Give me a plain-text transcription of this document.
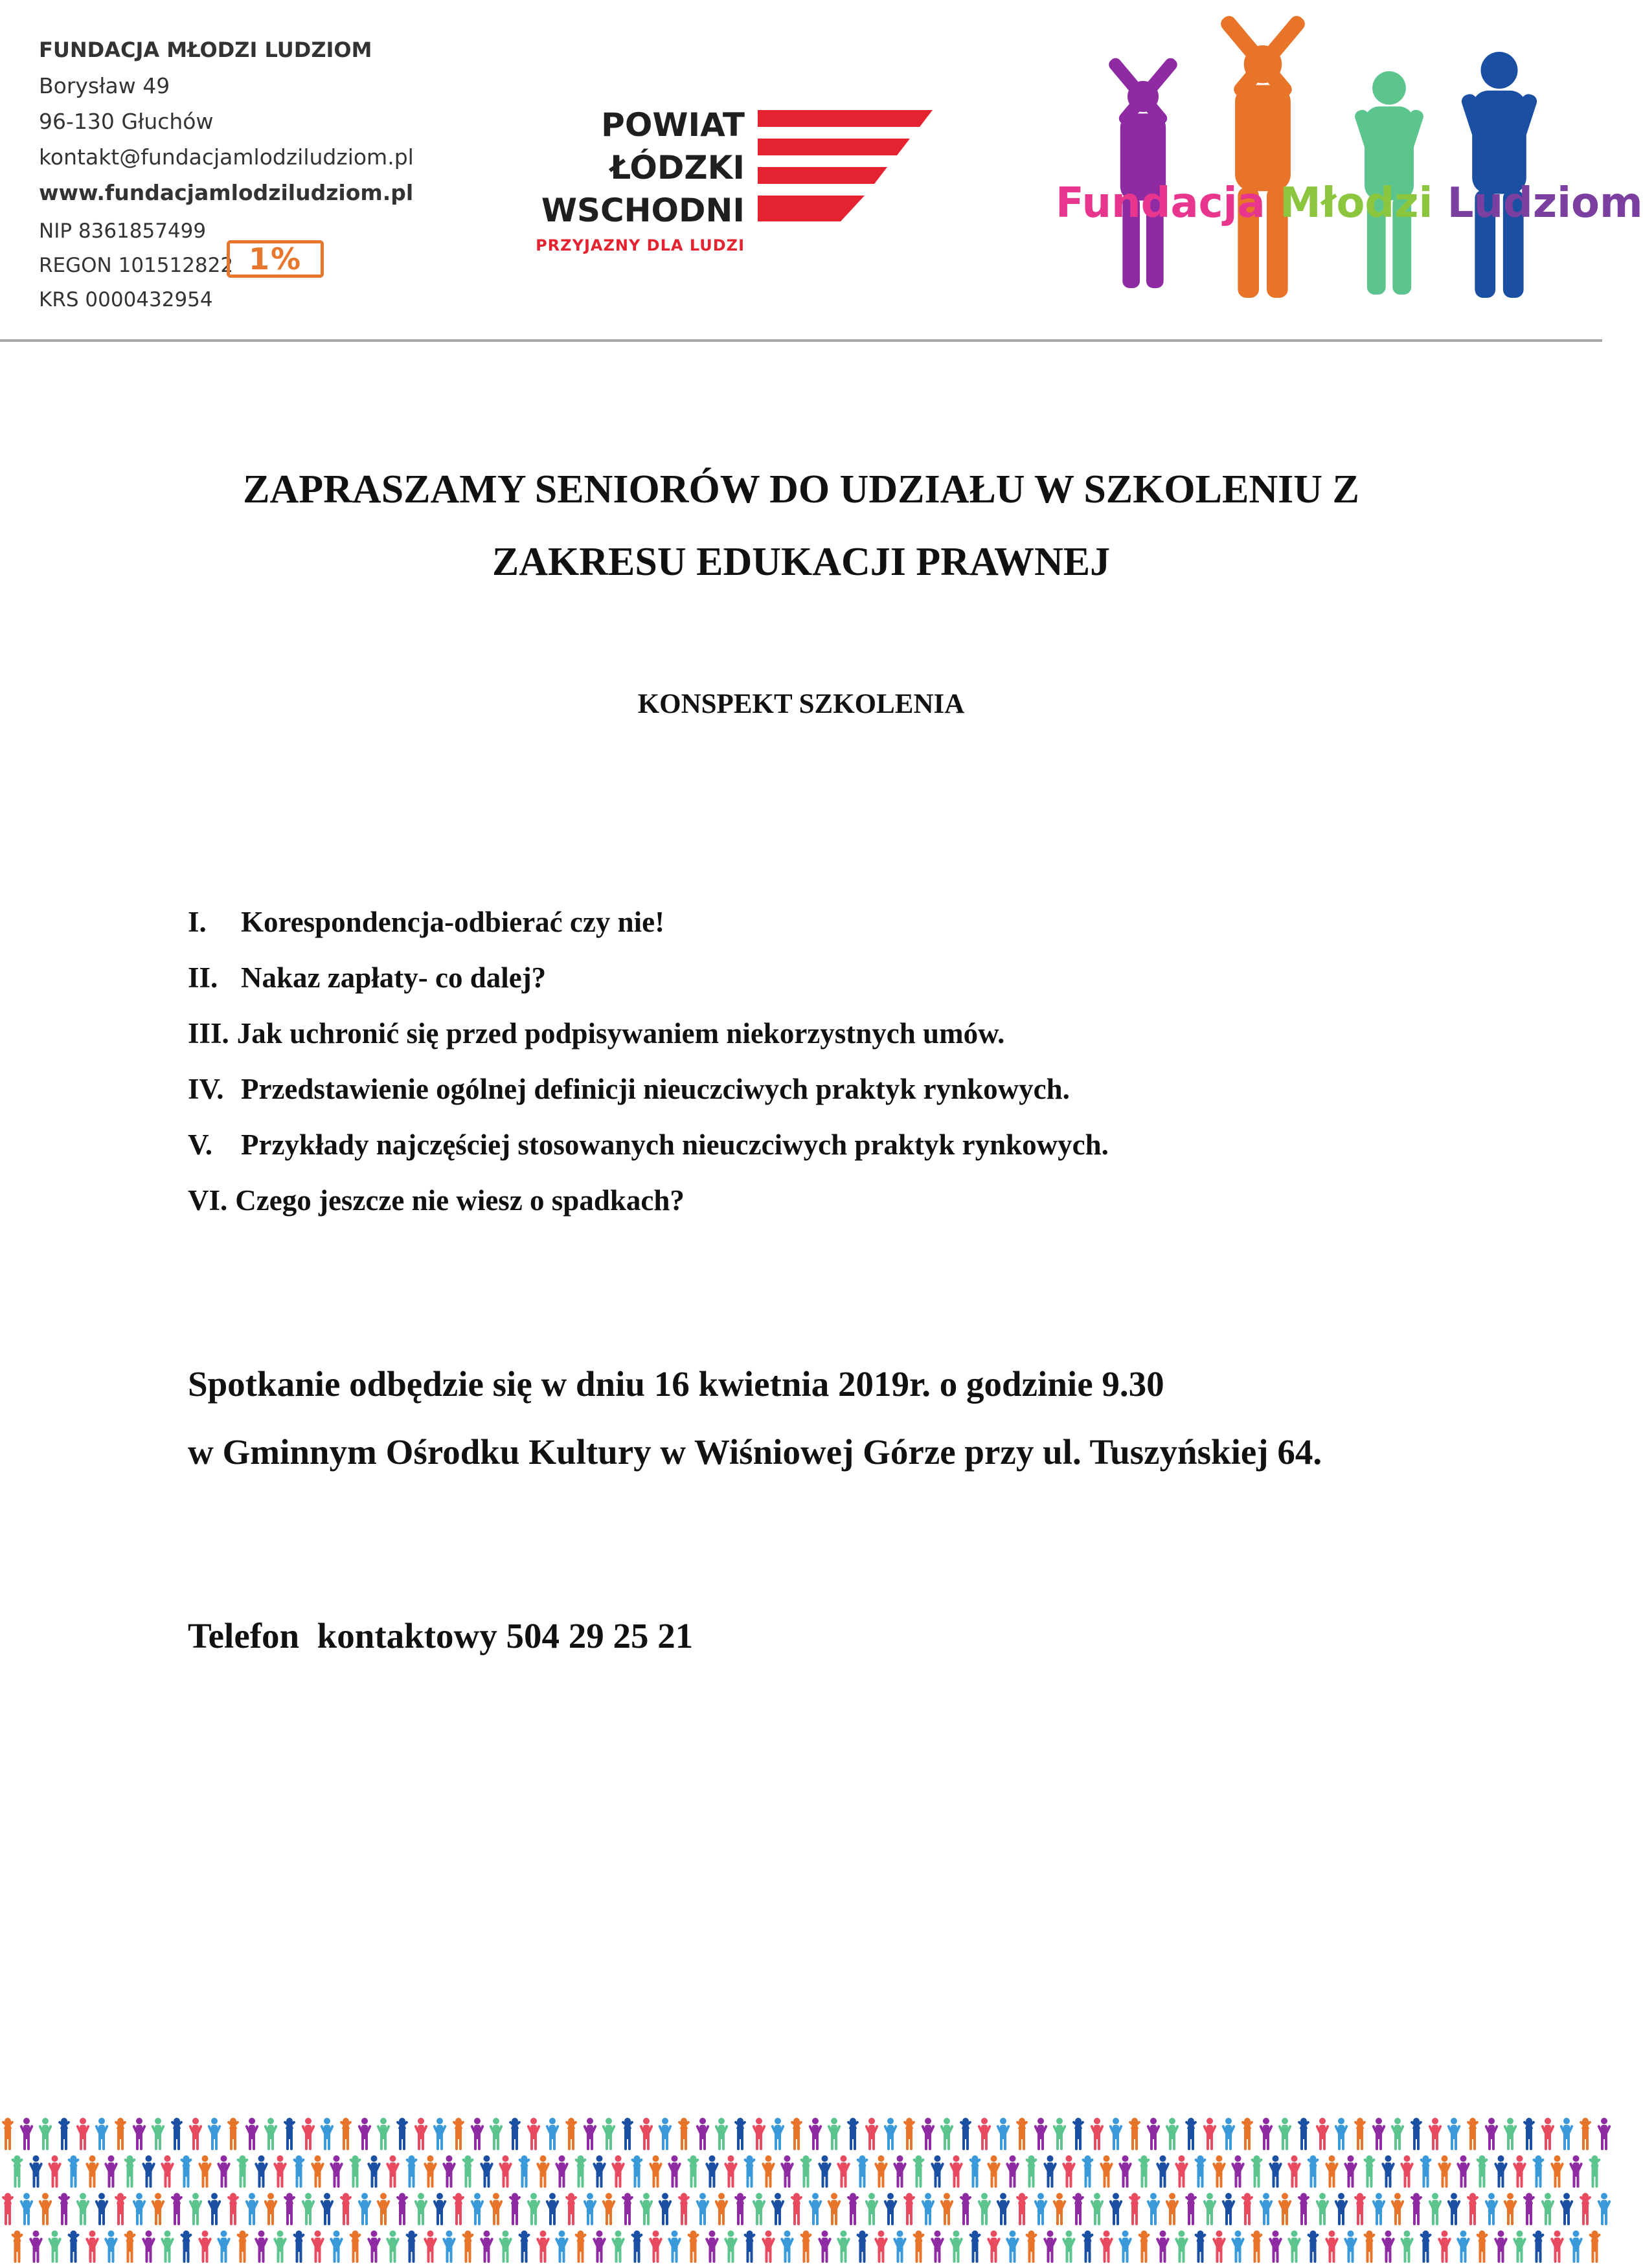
FUNDACJA MŁODZI LUDZIOM
Borysław 49
96-130 Głuchów
kontakt@fundacjamlodziludziom.pl
www.fundacjamlodziludziom.pl
NIP 8361857499
REGON 101512822
KRS 0000432954
1%
POWIAT
ŁÓDZKI
WSCHODNI
PRZYJAZNY DLA LUDZI
Fundacja Młodzi Ludziom
ZAPRASZAMY SENIORÓW DO UDZIAŁU W SZKOLENIU Z
ZAKRESU EDUKACJI PRAWNEJ
KONSPEKT SZKOLENIA
I.	Korespondencja-odbierać czy nie!
II. Nakaz zapłaty- co dalej?
III. Jak uchronić się przed podpisywaniem niekorzystnych umów.
IV. Przedstawienie ogólnej definicji nieuczciwych praktyk rynkowych.
V. Przykłady najczęściej stosowanych nieuczciwych praktyk rynkowych.
VI. Czego jeszcze nie wiesz o spadkach?
Spotkanie odbędzie się w dniu 16 kwietnia 2019r. o godzinie 9.30
w Gminnym Ośrodku Kultury w Wiśniowej Górze przy ul. Tuszyńskiej 64.
Telefon  kontaktowy 504 29 25 21
